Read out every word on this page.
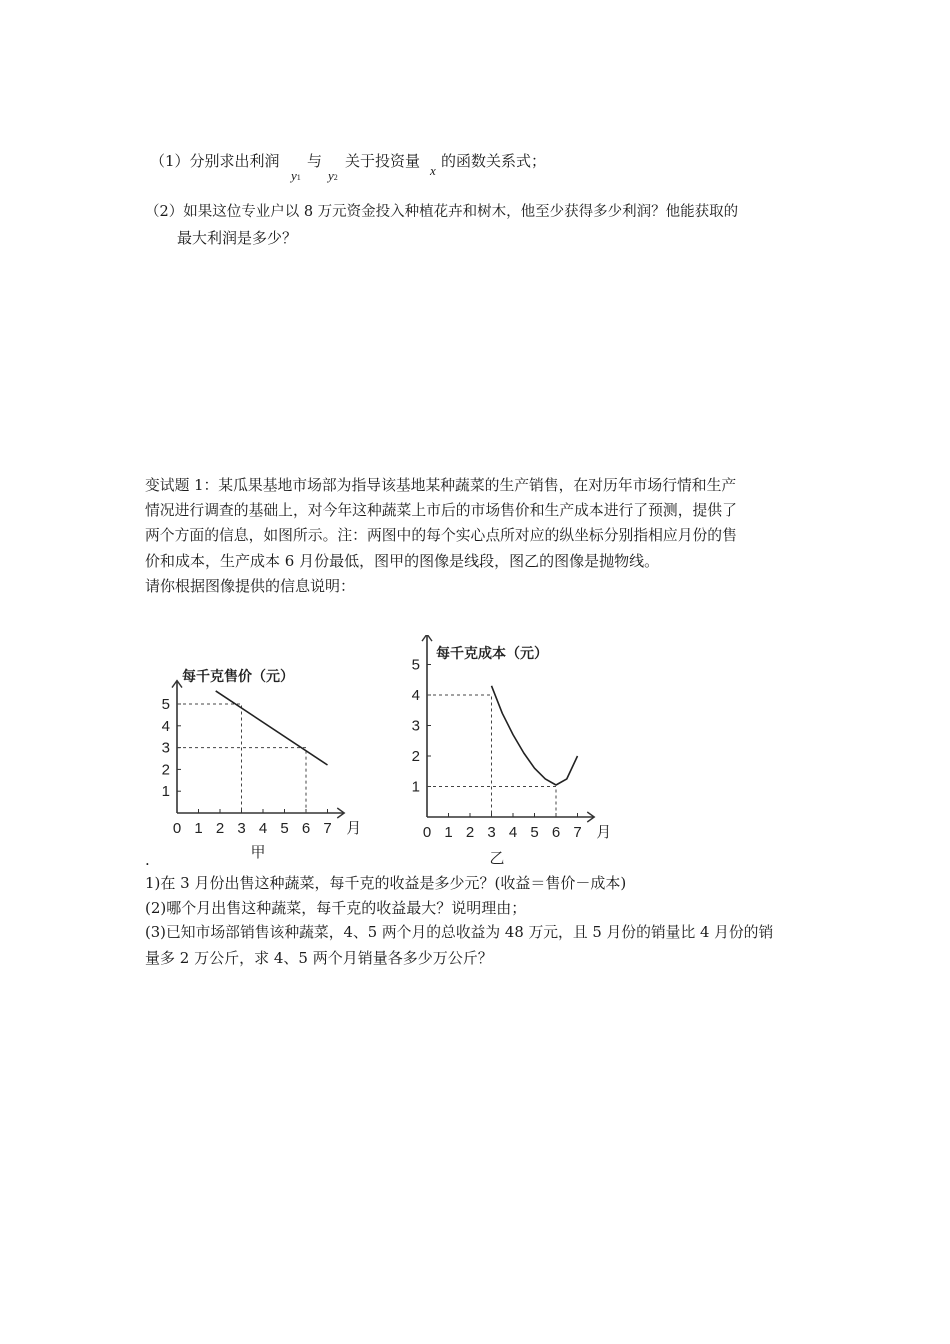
（1）分别求出利润
y1
与
y2
关于投资量
x
的函数关系式；
（2）如果这位专业户以 8 万元资金投入种植花卉和树木，他至少获得多少利润？他能获取的
最大利润是多少？
变试题 1：某瓜果基地市场部为指导该基地某种蔬菜的生产销售，在对历年市场行情和生产
情况进行调查的基础上，对今年这种蔬菜上市后的市场售价和生产成本进行了预测，提供了
两个方面的信息，如图所示。注：两图中的每个实心点所对应的纵坐标分别指相应月份的售
价和成本，生产成本 6 月份最低，图甲的图像是线段，图乙的图像是抛物线。
请你根据图像提供的信息说明：
0 1 2 3 4 5 6 7
1
2
3
4
5
月
每千克售价（元）
甲
0 1 2 3 4 5 6 7
1
2
3
4
5
月
每千克成本（元）
乙
.
1)在 3 月份出售这种蔬菜，每千克的收益是多少元？(收益＝售价－成本)
(2)哪个月出售这种蔬菜，每千克的收益最大？说明理由；
(3)已知市场部销售该种蔬菜，4、5 两个月的总收益为 48 万元，且 5 月份的销量比 4 月份的销
量多 2 万公斤，求 4、5 两个月销量各多少万公斤？
